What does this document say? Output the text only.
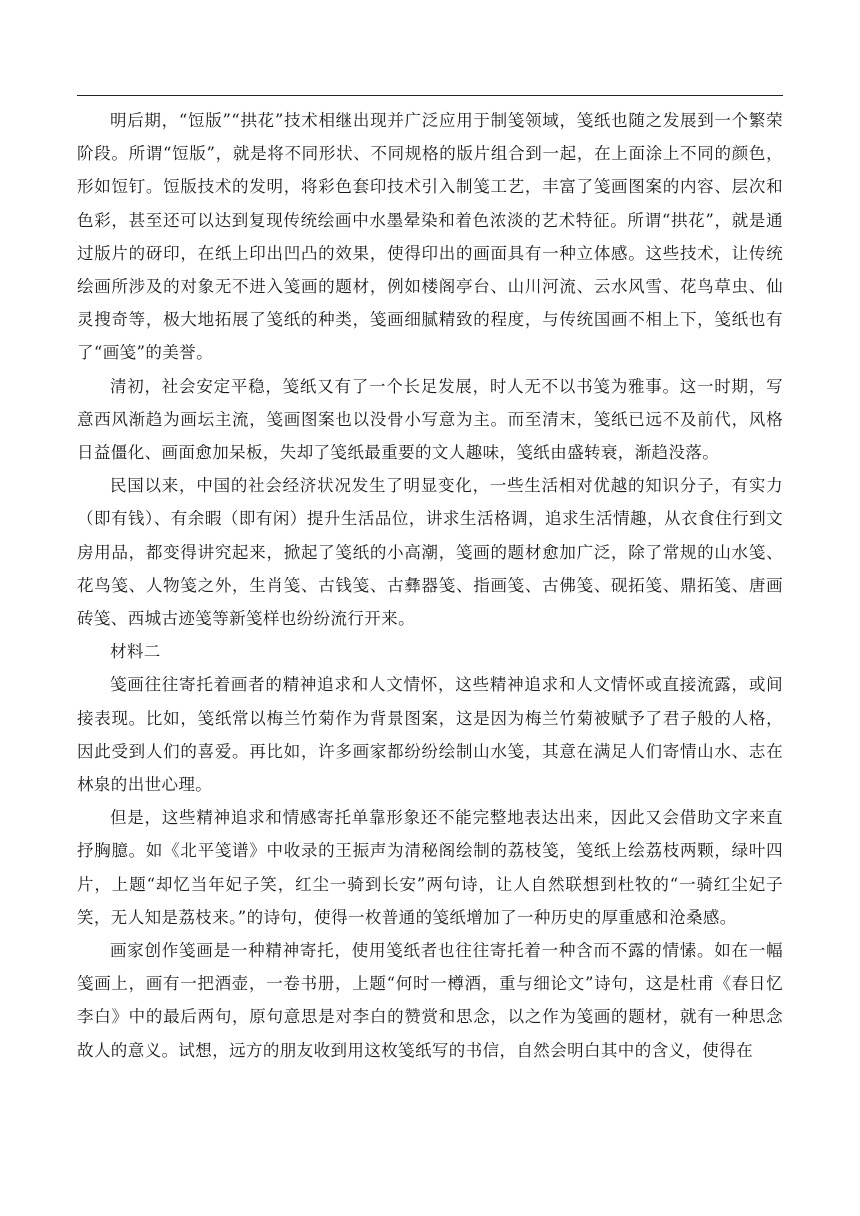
明后期，“饾版”“拱花”技术相继出现并广泛应用于制笺领域，笺纸也随之发展到一个繁荣阶段。所谓“饾版”，就是将不同形状、不同规格的版片组合到一起，在上面涂上不同的颜色，形如饾钉。饾版技术的发明，将彩色套印技术引入制笺工艺，丰富了笺画图案的内容、层次和色彩，甚至还可以达到复现传统绘画中水墨晕染和着色浓淡的艺术特征。所谓“拱花”，就是通过版片的砑印，在纸上印出凹凸的效果，使得印出的画面具有一种立体感。这些技术，让传统绘画所涉及的对象无不进入笺画的题材，例如楼阁亭台、山川河流、云水风雪、花鸟草虫、仙灵搜奇等，极大地拓展了笺纸的种类，笺画细腻精致的程度，与传统国画不相上下，笺纸也有了“画笺”的美誉。

清初，社会安定平稳，笺纸又有了一个长足发展，时人无不以书笺为雅事。这一时期，写意西风渐趋为画坛主流，笺画图案也以没骨小写意为主。而至清末，笺纸已远不及前代，风格日益僵化、画面愈加呆板，失却了笺纸最重要的文人趣味，笺纸由盛转衰，渐趋没落。

民国以来，中国的社会经济状况发生了明显变化，一些生活相对优越的知识分子，有实力（即有钱）、有余暇（即有闲）提升生活品位，讲求生活格调，追求生活情趣，从衣食住行到文房用品，都变得讲究起来，掀起了笺纸的小高潮，笺画的题材愈加广泛，除了常规的山水笺、花鸟笺、人物笺之外，生肖笺、古钱笺、古彝器笺、指画笺、古佛笺、砚拓笺、鼎拓笺、唐画砖笺、西城古迹笺等新笺样也纷纷流行开来。

材料二

笺画往往寄托着画者的精神追求和人文情怀，这些精神追求和人文情怀或直接流露，或间接表现。比如，笺纸常以梅兰竹菊作为背景图案，这是因为梅兰竹菊被赋予了君子般的人格，因此受到人们的喜爱。再比如，许多画家都纷纷绘制山水笺，其意在满足人们寄情山水、志在林泉的出世心理。

但是，这些精神追求和情感寄托单靠形象还不能完整地表达出来，因此又会借助文字来直抒胸臆。如《北平笺谱》中收录的王振声为清秘阁绘制的荔枝笺，笺纸上绘荔枝两颗，绿叶四片，上题“却忆当年妃子笑，红尘一骑到长安”两句诗，让人自然联想到杜牧的“一骑红尘妃子笑，无人知是荔枝来。”的诗句，使得一枚普通的笺纸增加了一种历史的厚重感和沧桑感。

画家创作笺画是一种精神寄托，使用笺纸者也往往寄托着一种含而不露的情愫。如在一幅笺画上，画有一把酒壶，一卷书册，上题“何时一樽酒，重与细论文”诗句，这是杜甫《春日忆李白》中的最后两句，原句意思是对李白的赞赏和思念，以之作为笺画的题材，就有一种思念故人的意义。试想，远方的朋友收到用这枚笺纸写的书信，自然会明白其中的含义，使得在
